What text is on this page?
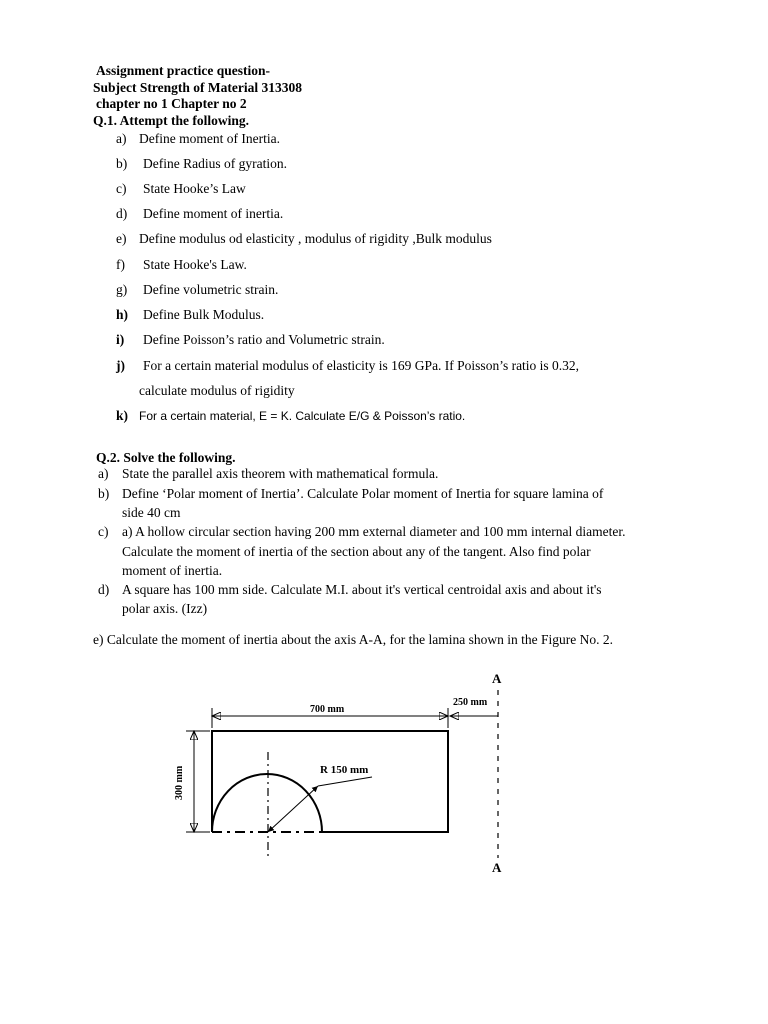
Assignment practice question-
Subject Strength of Material 313308
chapter no 1 Chapter no 2
Q.1. Attempt the following.
a) Define moment of Inertia.
b) Define Radius of gyration.
c) State Hooke’s Law
d) Define moment of inertia.
e) Define modulus od elasticity , modulus of rigidity ,Bulk modulus
f) State Hooke's Law.
g) Define volumetric strain.
h) Define Bulk Modulus.
i) Define Poisson’s ratio and Volumetric strain.
j) For a certain material modulus of elasticity is 169 GPa. If Poisson’s ratio is 0.32,
calculate modulus of rigidity
k) For a certain material, E = K. Calculate E/G & Poisson’s ratio.
Q.2. Solve the following.
a) State the parallel axis theorem with mathematical formula.
b) Define ‘Polar moment of Inertia’. Calculate Polar moment of Inertia for square lamina of
side 40 cm
c) a) A hollow circular section having 200 mm external diameter and 100 mm internal diameter.
Calculate the moment of inertia of the section about any of the tangent. Also find polar
moment of inertia.
d) A square has 100 mm side. Calculate M.I. about it's vertical centroidal axis and about it's
polar axis. (Izz)
e) Calculate the moment of inertia about the axis A-A, for the lamina shown in the Figure No. 2.
R 150 mm
700 mm
250 mm
300 mm
A
A
